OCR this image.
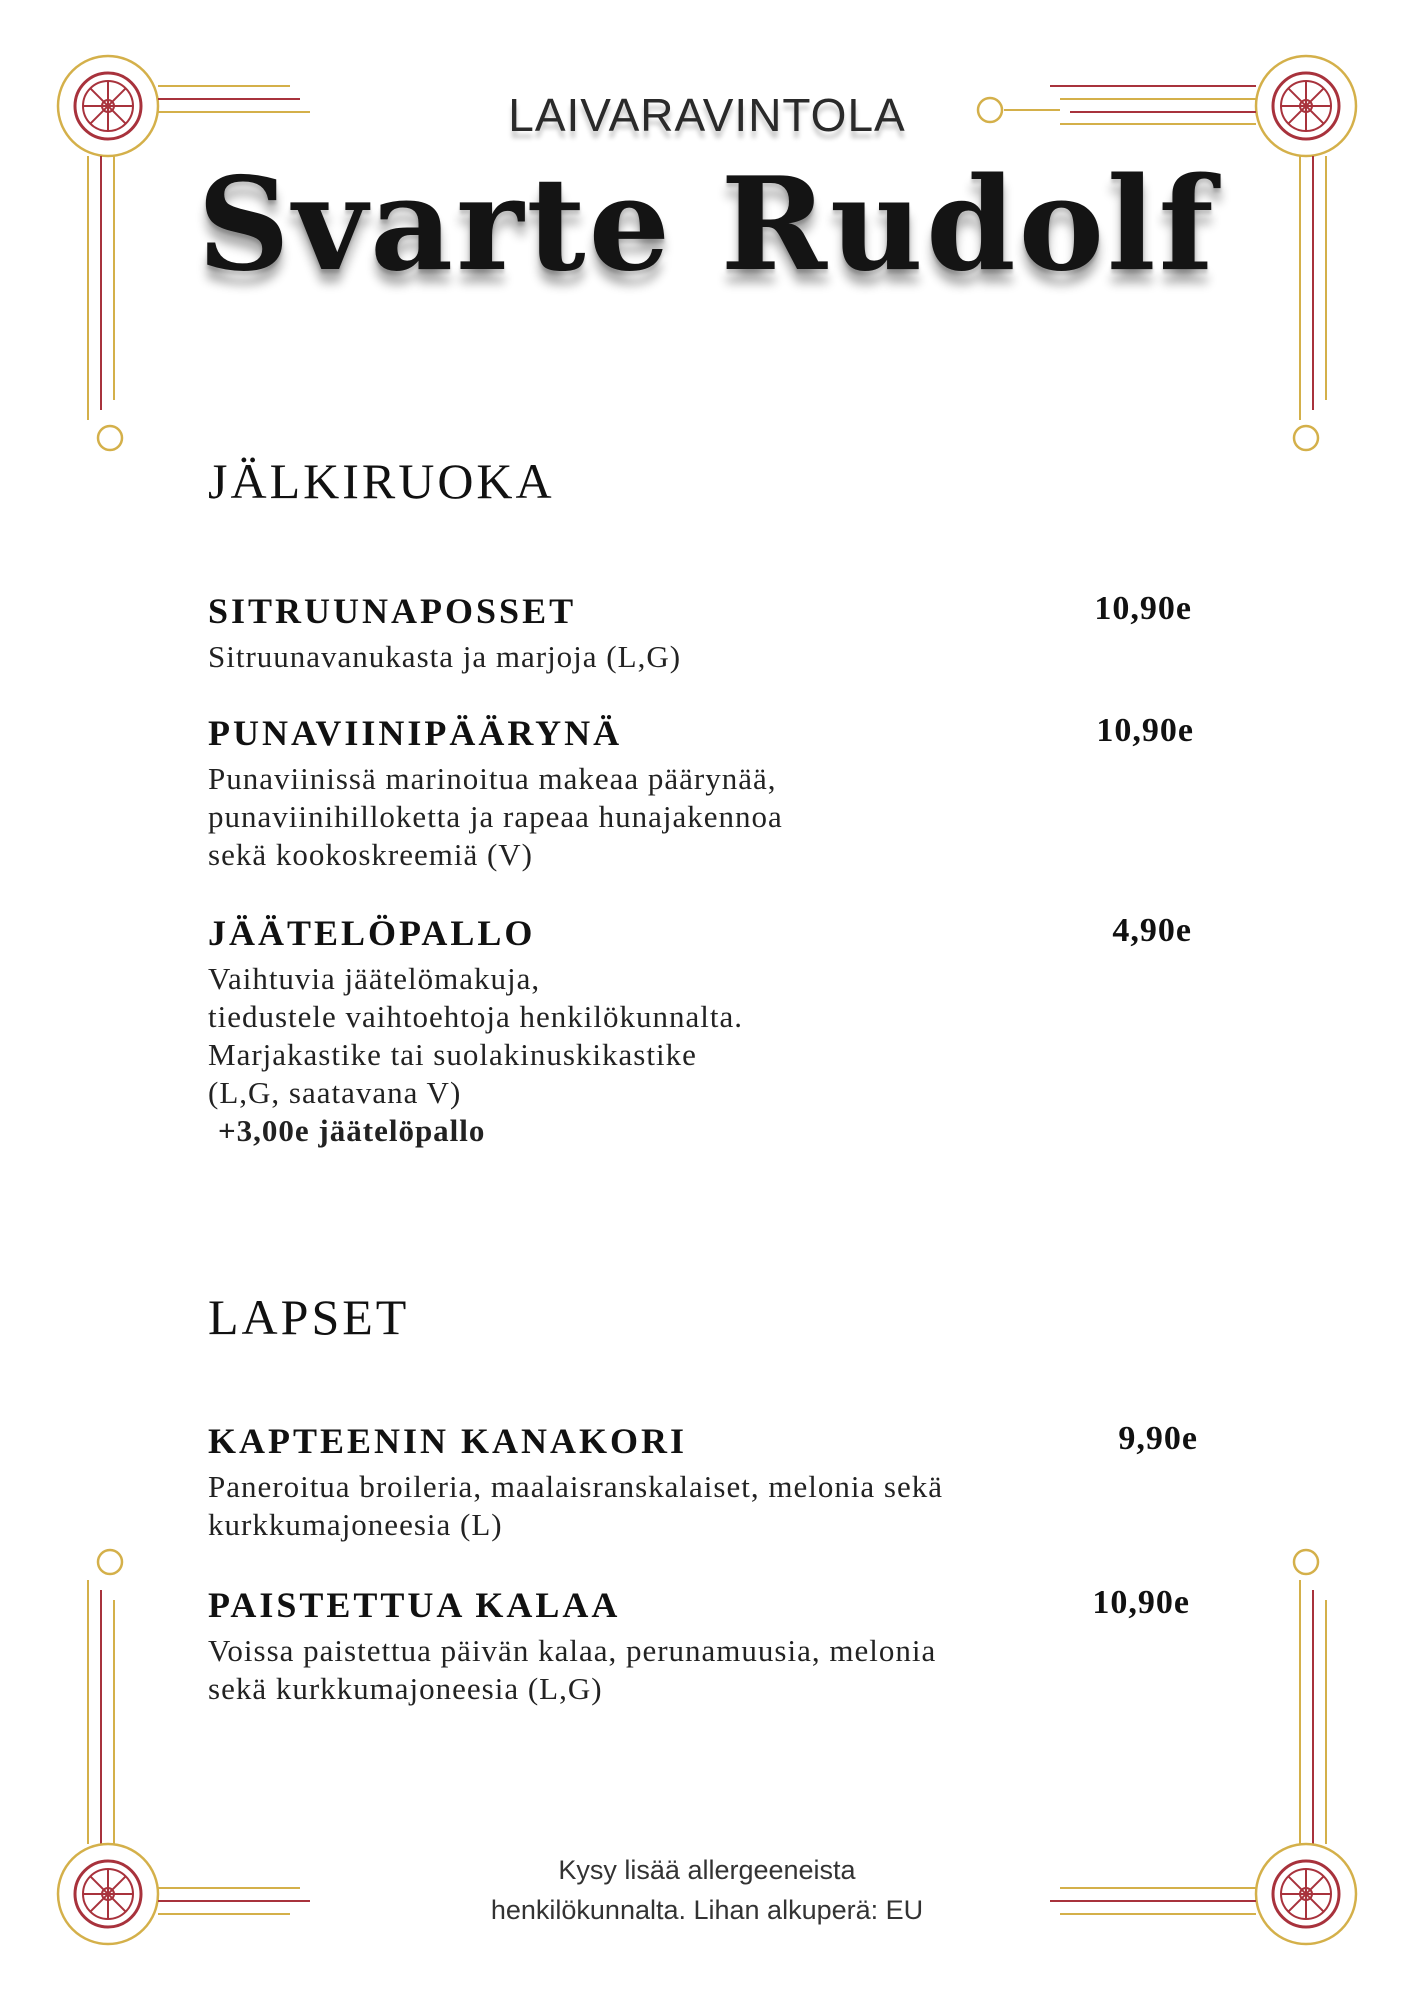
LAIVARAVINTOLA
Svarte Rudolf
JÄLKIRUOKA
SITRUUNAPOSSET	10,90e
Sitruunavanukasta ja marjoja (L,G)
PUNAVIINIPÄÄRYNÄ	10,90e
Punaviinissä marinoitua makeaa päärynää,
punaviinihilloketta ja rapeaa hunajakennoa
sekä kookoskreemiä (V)
JÄÄTELÖPALLO	4,90e
Vaihtuvia jäätelömakuja,
tiedustele vaihtoehtoja henkilökunnalta.
Marjakastike tai suolakinuskikastike
(L,G, saatavana V)
+3,00e jäätelöpallo
LAPSET
KAPTEENIN KANAKORI	9,90e
Paneroitua broileria, maalaisranskalaiset, melonia sekä
kurkkumajoneesia (L)
PAISTETTUA KALAA	10,90e
Voissa paistettua päivän kalaa, perunamuusia, melonia
sekä kurkkumajoneesia (L,G)
Kysy lisää allergeeneista
henkilökunnalta. Lihan alkuperä: EU
